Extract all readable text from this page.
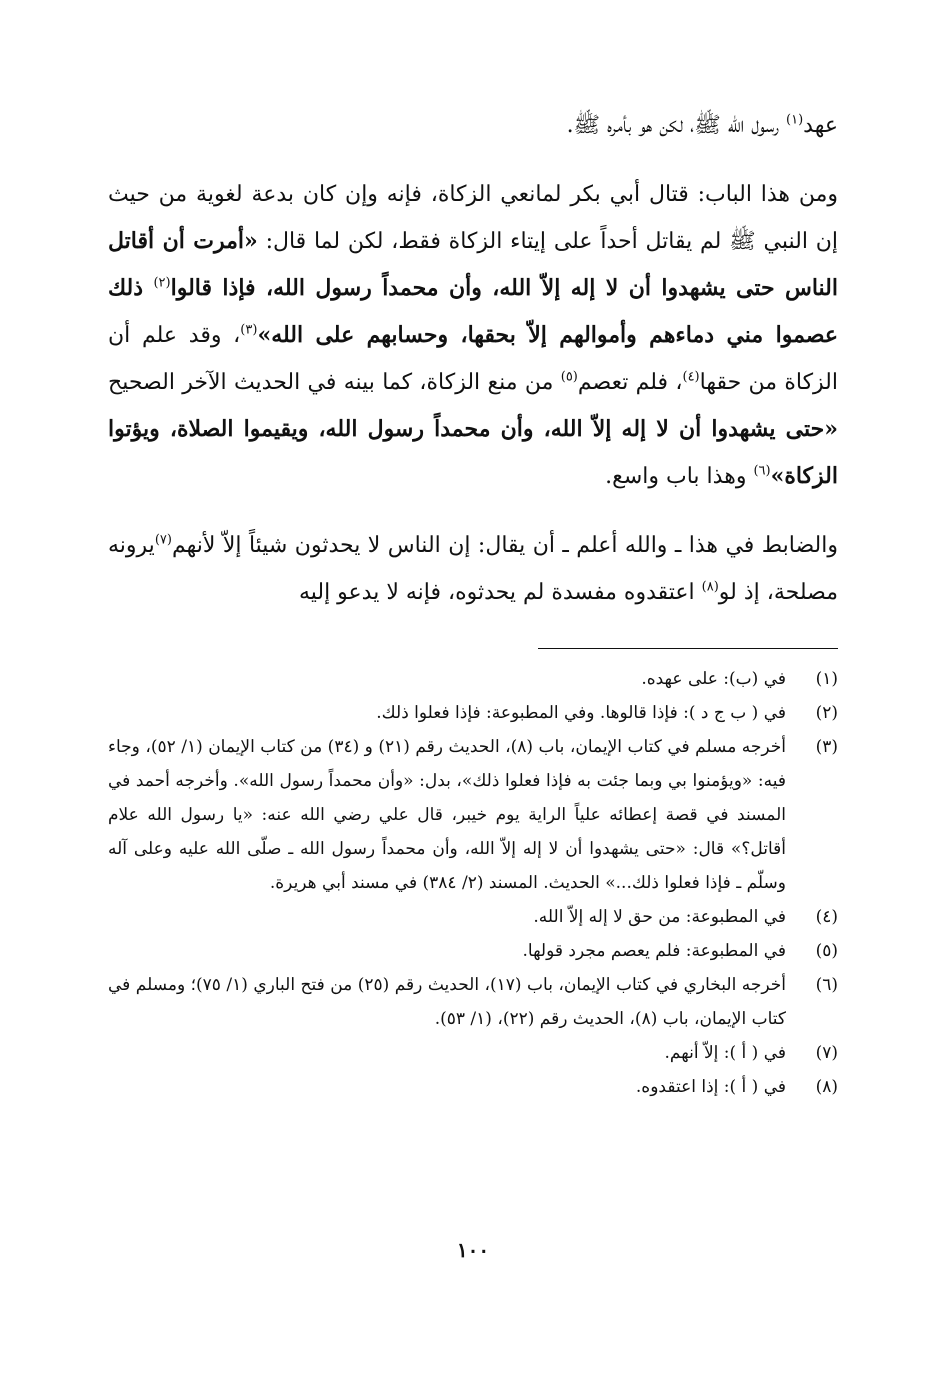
عهد$^{(١)}$ رسول الله ﷺ، لكن هو بأمره ﷺ.

ومن هذا الباب: قتال أبي بكر لمانعي الزكاة، فإنه وإن كان بدعة لغوية من حيث إن النبي ﷺ لم يقاتل أحداً على إيتاء الزكاة فقط، لكن لما قال: «أمرت أن أقاتل الناس حتى يشهدوا أن لا إله إلاّ الله، وأن محمداً رسول الله، فإذا قالوا$^{(٢)}$ ذلك عصموا مني دماءهم وأموالهم إلاّ بحقها، وحسابهم على الله»$^{(٣)}$، وقد علم أن الزكاة من حقها$^{(٤)}$، فلم تعصم$^{(٥)}$ من منع الزكاة، كما بينه في الحديث الآخر الصحيح «حتى يشهدوا أن لا إله إلاّ الله، وأن محمداً رسول الله، ويقيموا الصلاة، ويؤتوا الزكاة»$^{(٦)}$ وهذا باب واسع.

والضابط في هذا ـ والله أعلم ـ أن يقال: إن الناس لا يحدثون شيئاً إلاّ لأنهم$^{(٧)}$يرونه مصلحة، إذ لو$^{(٨)}$ اعتقدوه مفسدة لم يحدثوه، فإنه لا يدعو إليه

(١)
في (ب): على عهده.
(٢)
في ( ب ج د ): فإذا قالوها. وفي المطبوعة: فإذا فعلوا ذلك.
(٣)
أخرجه مسلم في كتاب الإيمان، باب (٨)، الحديث رقم (٢١) و (٣٤) من كتاب الإيمان (١/ ٥٢)، وجاء فيه: «ويؤمنوا بي وبما جئت به فإذا فعلوا ذلك»، بدل: «وأن محمداً رسول الله». وأخرجه أحمد في المسند في قصة إعطائه علياً الراية يوم خيبر، قال علي رضي الله عنه: «يا رسول الله علام أقاتل؟» قال: «حتى يشهدوا أن لا إله إلاّ الله، وأن محمداً رسول الله ـ صلّى الله عليه وعلى آله وسلّم ـ فإذا فعلوا ذلك...» الحديث. المسند (٢/ ٣٨٤) في مسند أبي هريرة.
(٤)
في المطبوعة: من حق لا إله إلاّ الله.
(٥)
في المطبوعة: فلم يعصم مجرد قولها.
(٦)
أخرجه البخاري في كتاب الإيمان، باب (١٧)، الحديث رقم (٢٥) من فتح الباري (١/ ٧٥)؛ ومسلم في كتاب الإيمان، باب (٨)، الحديث رقم (٢٢)، (١/ ٥٣).
(٧)
في ( أ ): إلاّ أنهم.
(٨)
في ( أ ): إذا اعتقدوه.
١٠٠
